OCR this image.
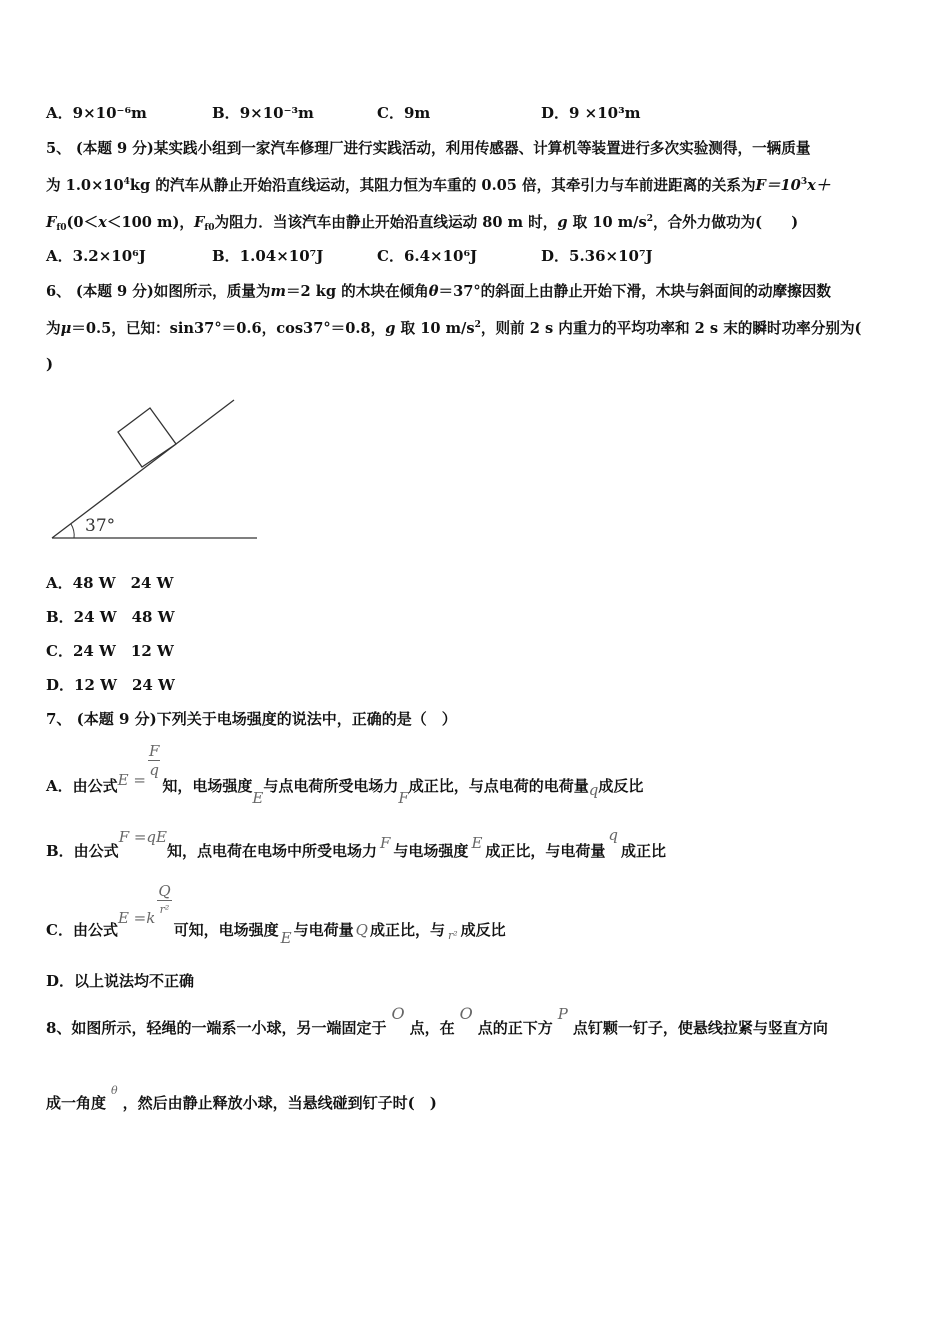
A．9×10⁻⁶m	B．9×10⁻³m	C．9m	D．9 ×10³m
5、 (本题 9 分)某实践小组到一家汽车修理厂进行实践活动，利用传感器、计算机等装置进行多次实验测得，一辆质量
为 $1.0\times 10^4kg$ 的汽车从静止开始沿直线运动，其阻力恒为车重的 0.05 倍，其牵引力与车前进距离的关系为$F=10^3x+$
$F_{f0}(0<x<100$ m)，$F_{f0}$为阻力．当该汽车由静止开始沿直线运动 80 m 时，g 取 10 $m/s^2$，合外力做功为(　　)
A．3.2×10⁶J	B．1.04×10⁷J	C．6.4×10⁶J	D．5.36×10⁷J
6、 (本题 9 分)如图所示，质量为m＝2 kg 的木块在倾角θ＝37°的斜面上由静止开始下滑，木块与斜面间的动摩擦因数
为μ＝0.5，已知：sin37°＝0.6，cos37°＝0.8，g 取 10 $m/s^2$，则前 2 s 内重力的平均功率和 2 s 末的瞬时功率分别为(
)
37°
A．48 W　24 W
B．24 W　48 W
C．24 W　12 W
D．12 W　24 W
7、 (本题 9 分)下列关于电场强度的说法中，正确的是（　）
A．由公式E =
$\frac{F}{q}$
知，电场强度E与点电荷所受电场力F成正比，与点电荷的电荷量q成反比
B．由公式F =qE知，点电荷在电场中所受电场力 F 与电场强度 E 成正比，与电荷量q成正比
C．由公式$E =k \frac{Q}{\text{r²}}$
可知，电场强度 E 与电荷量 Q 成正比，与 $_{r^2}$ 成反比
D．以上说法均不正确
8、如图所示，轻绳的一端系一小球，另一端固定于O点，在O点的正下方P点钉颗一钉子，使悬线拉紧与竖直方向
成一角度θ，然后由静止释放小球，当悬线碰到钉子时(　)
